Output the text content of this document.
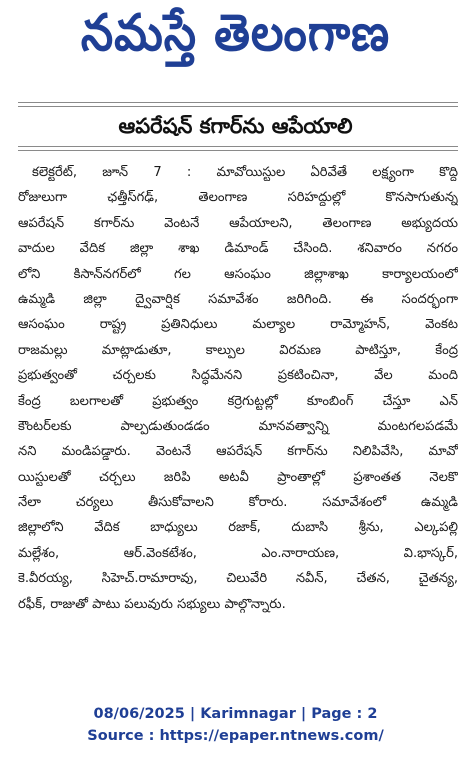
నమస్తే తెలంగాణ
ఆపరేషన్ కగార్‌ను ఆపేయాలి
కలెక్టరేట్, జూన్ 7 : మావోయిస్టుల ఏరివేతే లక్ష్యంగా కొద్ది
రోజులుగా ఛత్తీస్‌గఢ్, తెలంగాణ సరిహద్దుల్లో కొనసాగుతున్న
ఆపరేషన్ కగార్‌ను వెంటనే ఆపేయాలని, తెలంగాణ అభ్యుదయ
వాదుల వేదిక జిల్లా శాఖ డిమాండ్ చేసింది. శనివారం నగరం
లోని కిసాన్‌నగర్‌లో గల ఆసంఘం జిల్లాశాఖ కార్యాలయంలో
ఉమ్మడి జిల్లా ద్వైవార్షిక సమావేశం జరిగింది. ఈ సందర్భంగా
ఆసంఘం రాష్ట్ర ప్రతినిధులు మల్యాల రామ్మోహన్, వెంకట
రాజమల్లు మాట్లాడుతూ, కాల్పుల విరమణ పాటిస్తూ, కేంద్ర
ప్రభుత్వంతో చర్చలకు సిద్ధమేనని ప్రకటించినా, వేల మంది
కేంద్ర బలగాలతో ప్రభుత్వం కర్రెగుట్టల్లో కూంబింగ్ చేస్తూ ఎన్
కౌంటర్‌లకు పాల్పడుతుండడం మానవత్వాన్ని మంటగలపడమే
నని మండిపడ్డారు. వెంటనే ఆపరేషన్ కగార్‌ను నిలిపివేసి, మావో
యిస్టులతో చర్చలు జరిపి అటవీ ప్రాంతాల్లో ప్రశాంతత నెలకొ
నేలా చర్యలు తీసుకోవాలని కోరారు. సమావేశంలో ఉమ్మడి
జిల్లాలోని వేదిక బాధ్యులు రజాక్, దుబాసి శ్రీను, ఎల్కపల్లి
మల్లేశం, ఆర్.వెంకటేశం, ఎం.నారాయణ, వి.భాస్కర్,
కె.వీరయ్య, సిహెచ్.రామారావు, చిలువేరి నవీన్, చేతన, చైతన్య,
రఫీక్, రాజుతో పాటు పలువురు సభ్యులు పాల్గొన్నారు.
08/06/2025 | Karimnagar | Page : 2
Source : https://epaper.ntnews.com/
